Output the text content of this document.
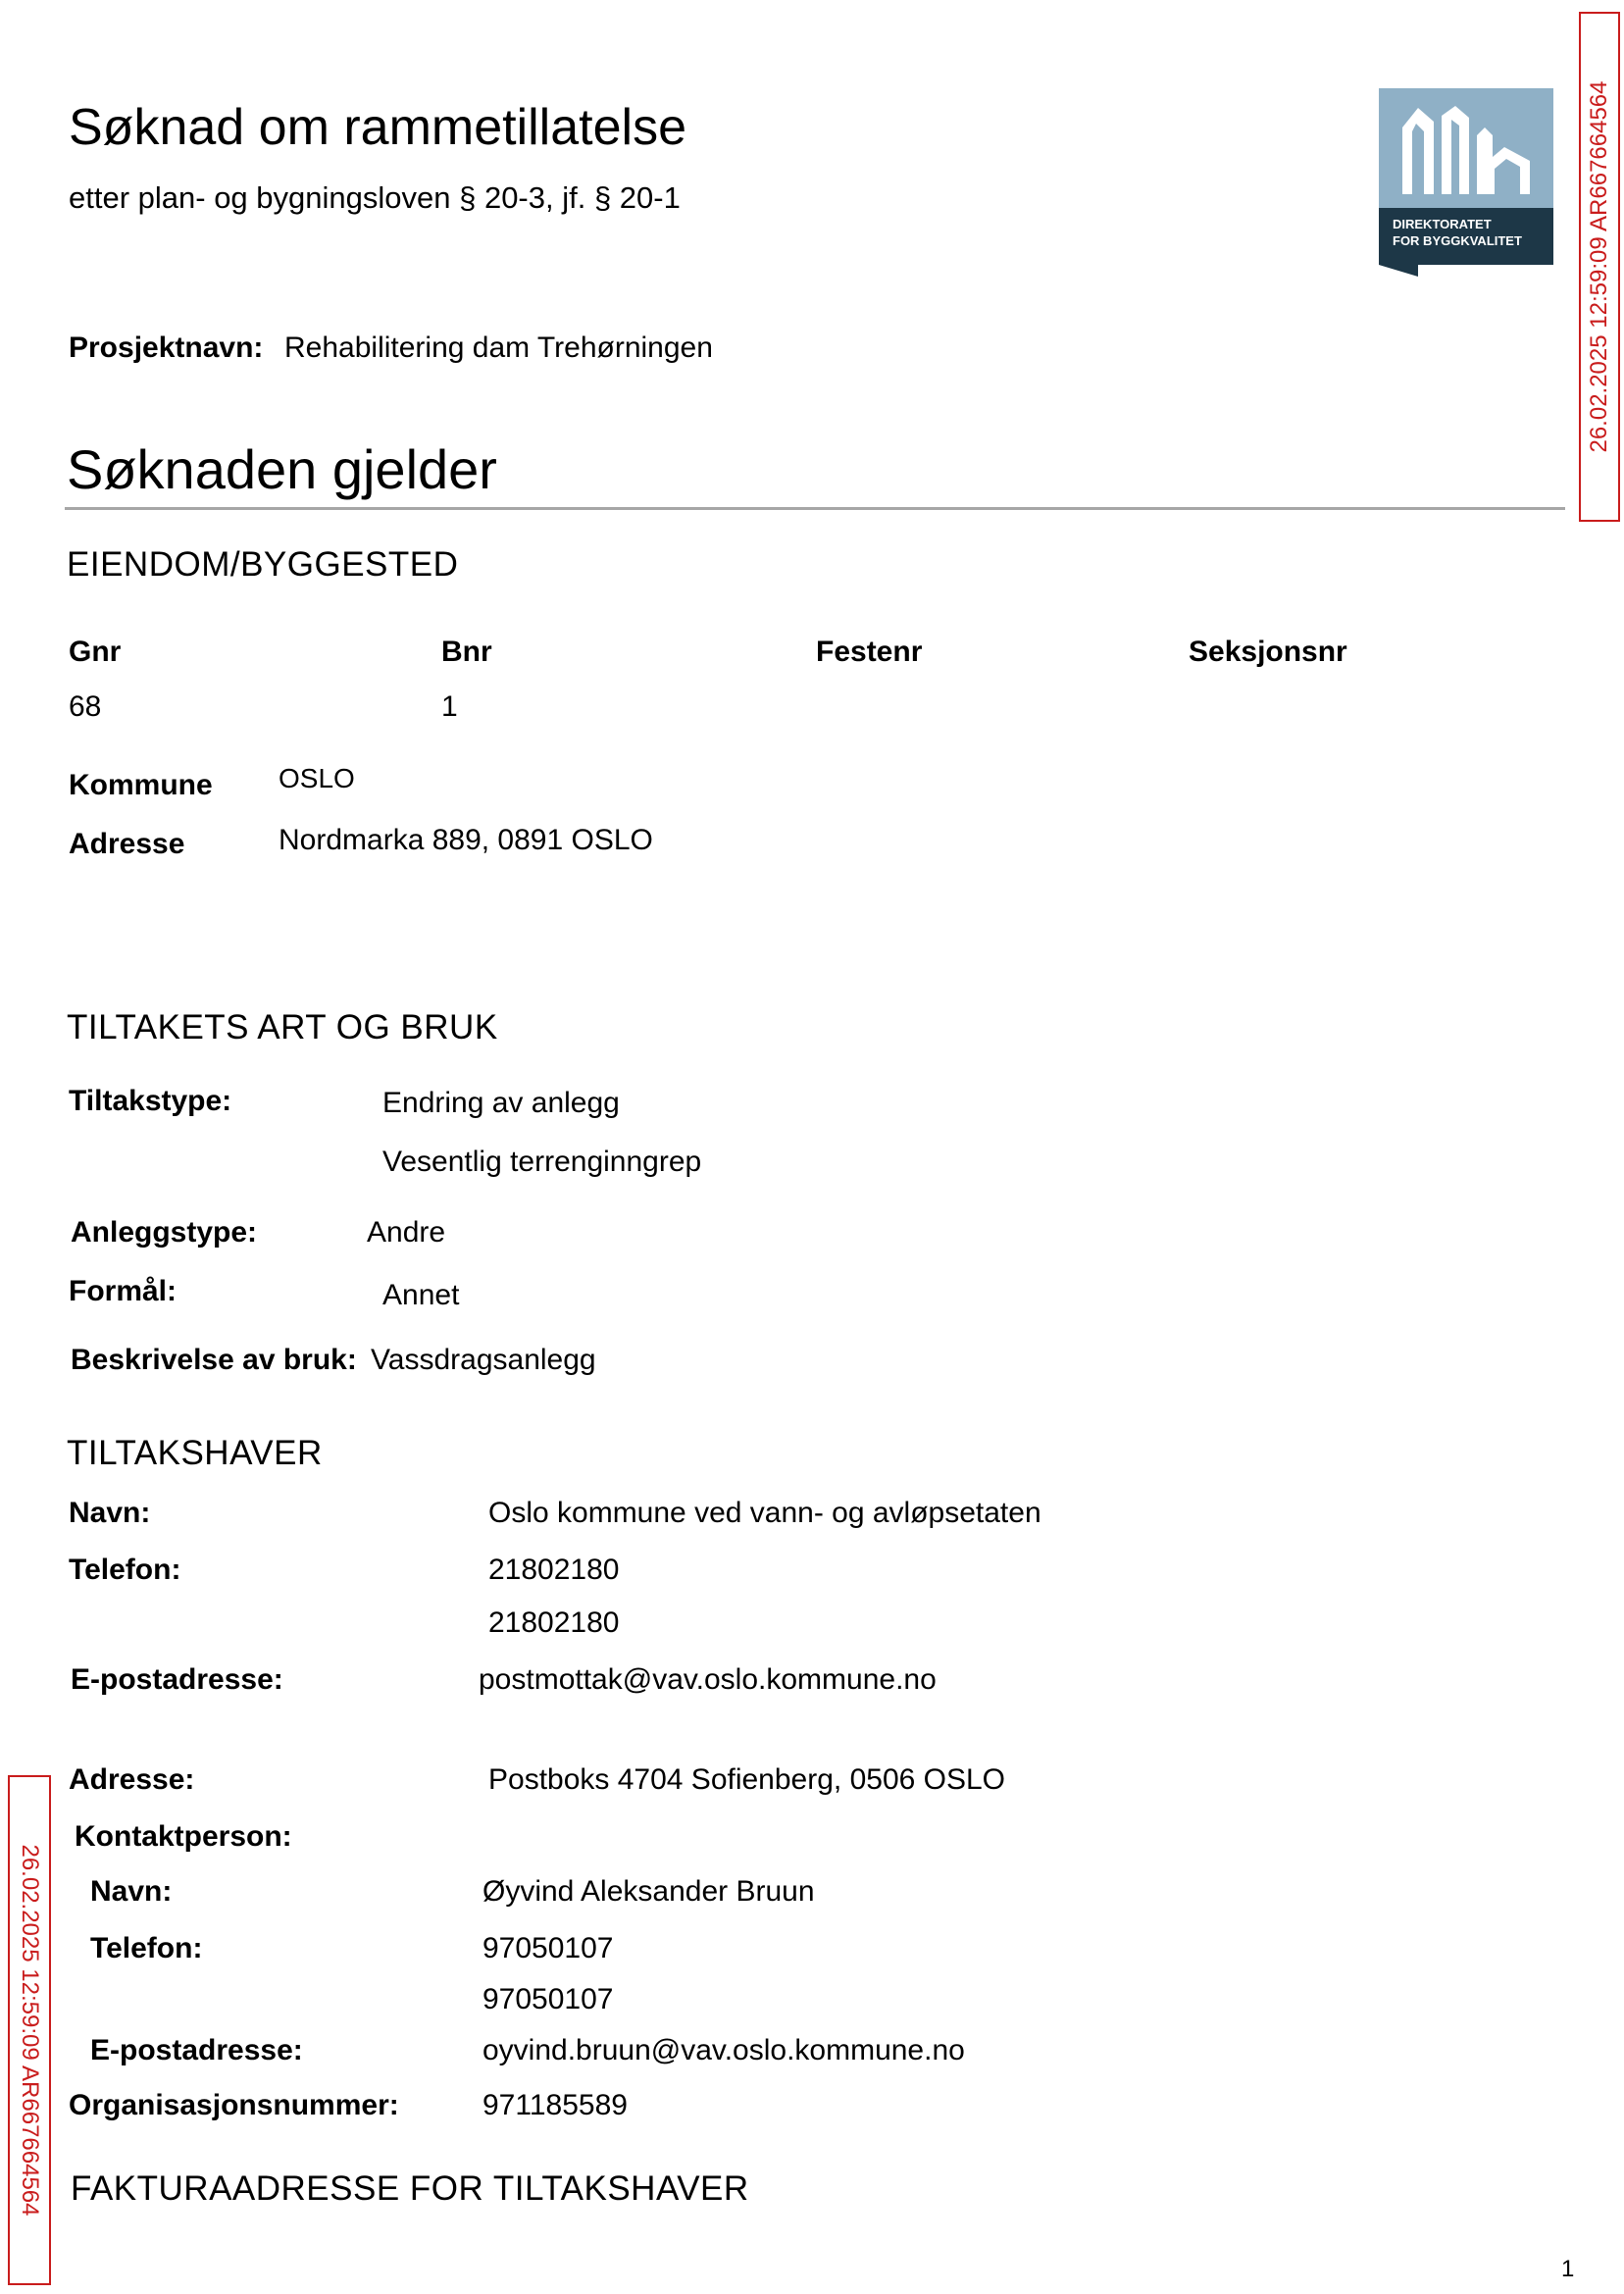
Søknad om rammetillatelse
etter plan- og bygningsloven § 20-3, jf. § 20-1
DIREKTORATET
FOR BYGGKVALITET	26.02.2025 12:59:09 AR667664564
Prosjektnavn: Rehabilitering dam Trehørningen
Søknaden gjelder
EIENDOM/BYGGESTED
Gnr	Bnr	Festenr	Seksjonsnr
68	1
Kommune OSLO
Adresse	Nordmarka 889, 0891 OSLO
TILTAKETS ART OG BRUK
Tiltakstype:	Endring av anlegg
Vesentlig terrenginngrep
Anleggstype:	Andre
Formål:	Annet
Beskrivelse av bruk: Vassdragsanlegg
TILTAKSHAVER
Navn:	Oslo kommune ved vann- og avløpsetaten
Telefon:	21802180
21802180
E-postadresse:	postmottak@vav.oslo.kommune.no
Adresse:	Postboks 4704 Sofienberg, 0506 OSLO
Kontaktperson:
Navn:	Øyvind Aleksander Bruun
Telefon:	97050107
97050107
E-postadresse:	oyvind.bruun@vav.oslo.kommune.no
Organisasjonsnummer:	971185589
26.02.2025 12:59:09 AR667664564 FAKTURAADRESSE FOR TILTAKSHAVER
1
